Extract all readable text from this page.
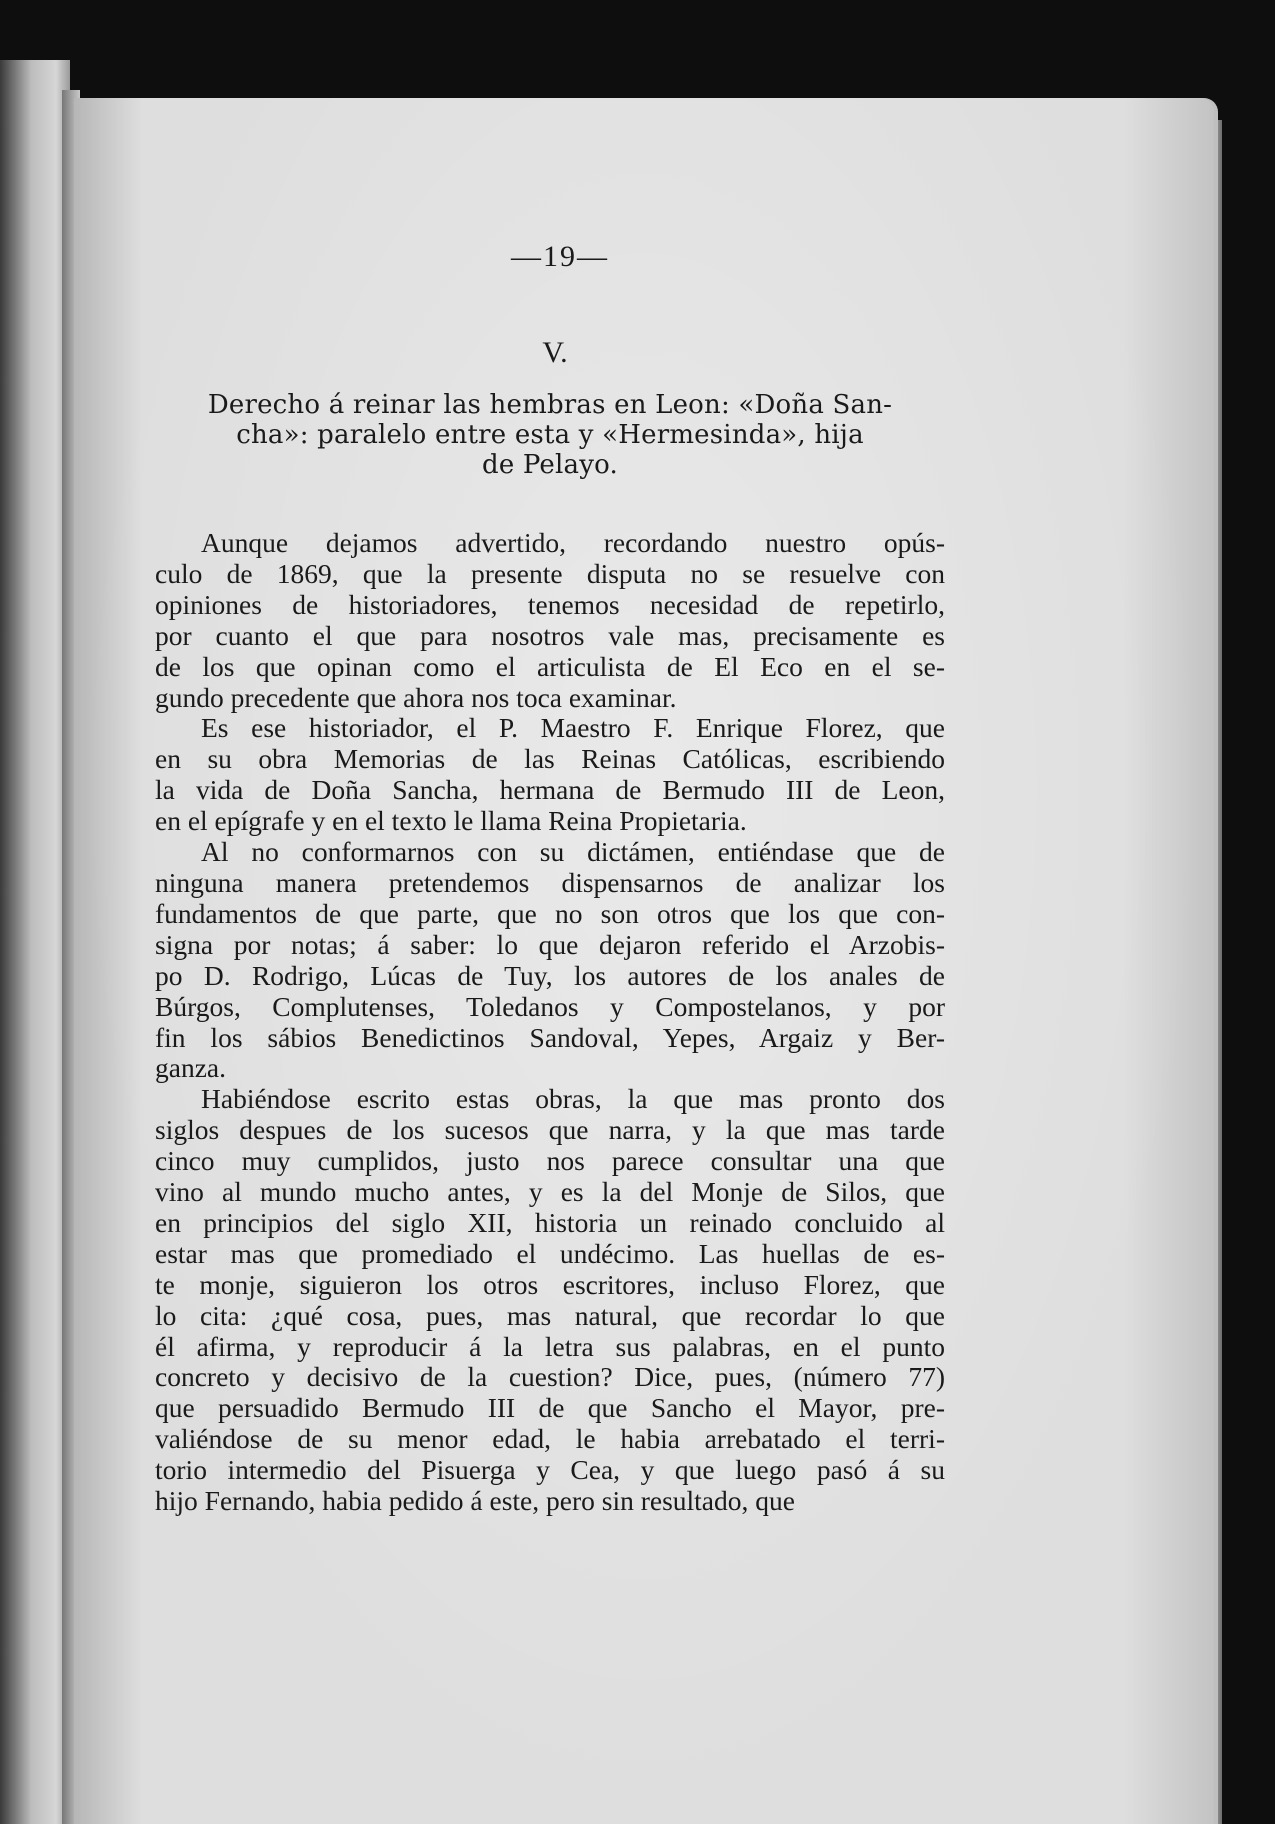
—19—
V.
Derecho á reinar las hembras en Leon: «Doña San-
cha»: paralelo entre esta y «Hermesinda», hija
de Pelayo.

Aunque dejamos advertido, recordando nuestro opús-
culo de 1869, que la presente disputa no se resuelve con
opiniones de historiadores, tenemos necesidad de repetirlo,
por cuanto el que para nosotros vale mas, precisamente es
de los que opinan como el articulista de El Eco en el se-
gundo precedente que ahora nos toca examinar.

Es ese historiador, el P. Maestro F. Enrique Florez, que
en su obra Memorias de las Reinas Católicas, escribiendo
la vida de Doña Sancha, hermana de Bermudo III de Leon,
en el epígrafe y en el texto le llama Reina Propietaria.

Al no conformarnos con su dictámen, entiéndase que de
ninguna manera pretendemos dispensarnos de analizar los
fundamentos de que parte, que no son otros que los que con-
signa por notas; á saber: lo que dejaron referido el Arzobis-
po D. Rodrigo, Lúcas de Tuy, los autores de los anales de
Búrgos, Complutenses, Toledanos y Compostelanos, y por
fin los sábios Benedictinos Sandoval, Yepes, Argaiz y Ber-
ganza.

Habiéndose escrito estas obras, la que mas pronto dos
siglos despues de los sucesos que narra, y la que mas tarde
cinco muy cumplidos, justo nos parece consultar una que
vino al mundo mucho antes, y es la del Monje de Silos, que
en principios del siglo XII, historia un reinado concluido al
estar mas que promediado el undécimo. Las huellas de es-
te monje, siguieron los otros escritores, incluso Florez, que
lo cita: ¿qué cosa, pues, mas natural, que recordar lo que
él afirma, y reproducir á la letra sus palabras, en el punto
concreto y decisivo de la cuestion? Dice, pues, (número 77)
que persuadido Bermudo III de que Sancho el Mayor, pre-
valiéndose de su menor edad, le habia arrebatado el terri-
torio intermedio del Pisuerga y Cea, y que luego pasó á su
hijo Fernando, habia pedido á este, pero sin resultado, que
